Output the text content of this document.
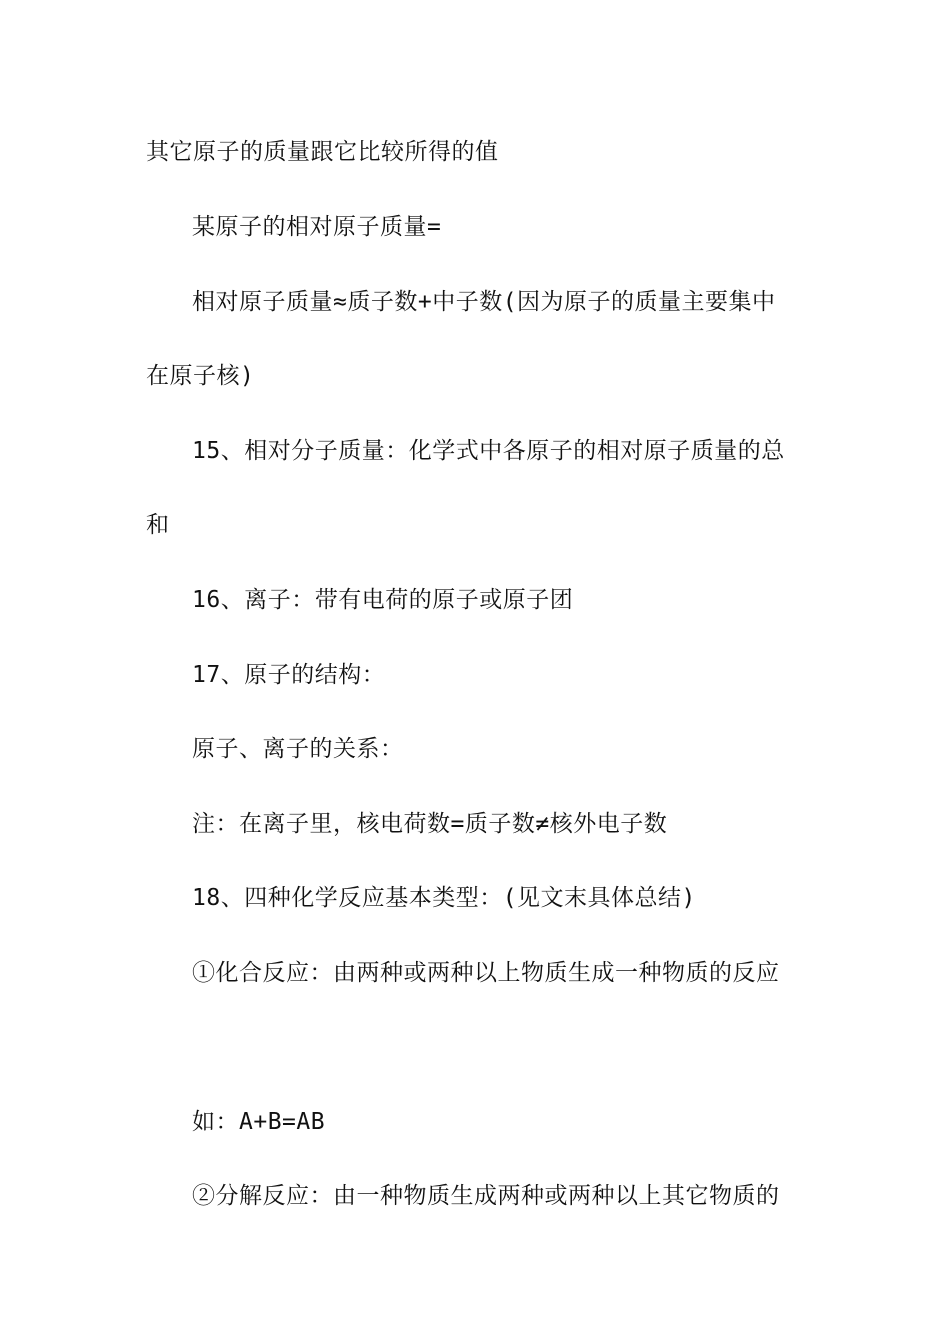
其它原子的质量跟它比较所得的值
某原子的相对原子质量=
相对原子质量≈质子数+中子数(因为原子的质量主要集中
在原子核)
15、相对分子质量：化学式中各原子的相对原子质量的总
和
16、离子：带有电荷的原子或原子团
17、原子的结构：
原子、离子的关系：
注：在离子里，核电荷数=质子数≠核外电子数
18、四种化学反应基本类型：(见文末具体总结)
①化合反应：由两种或两种以上物质生成一种物质的反应
如：A+B=AB
②分解反应：由一种物质生成两种或两种以上其它物质的
